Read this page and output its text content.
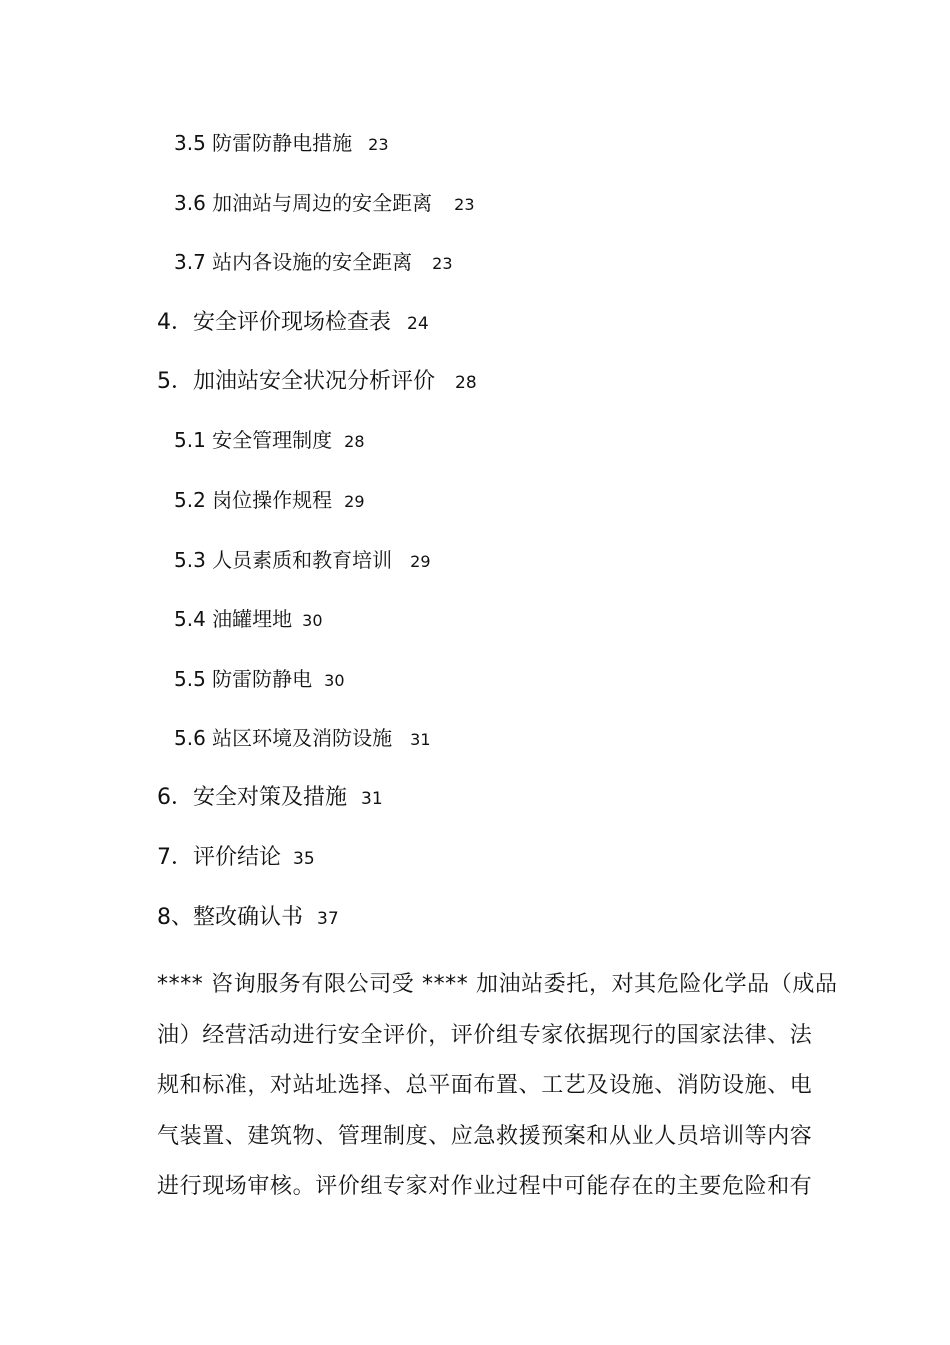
3.5 防雷防静电措施 23
3.6 加油站与周边的安全距离 23
3.7 站内各设施的安全距离 23
4．安全评价现场检查表 24
5．加油站安全状况分析评价 28
5.1 安全管理制度 28
5.2 岗位操作规程 29
5.3 人员素质和教育培训 29
5.4 油罐埋地 30
5.5 防雷防静电 30
5.6 站区环境及消防设施 31
6．安全对策及措施 31
7．评价结论 35
8、整改确认书 37
**** 咨询服务有限公司受 **** 加油站委托，对其危险化学品（成品
油）经营活动进行安全评价，评价组专家依据现行的国家法律、法
规和标准，对站址选择、总平面布置、工艺及设施、消防设施、电
气装置、建筑物、管理制度、应急救援预案和从业人员培训等内容
进行现场审核。评价组专家对作业过程中可能存在的主要危险和有
